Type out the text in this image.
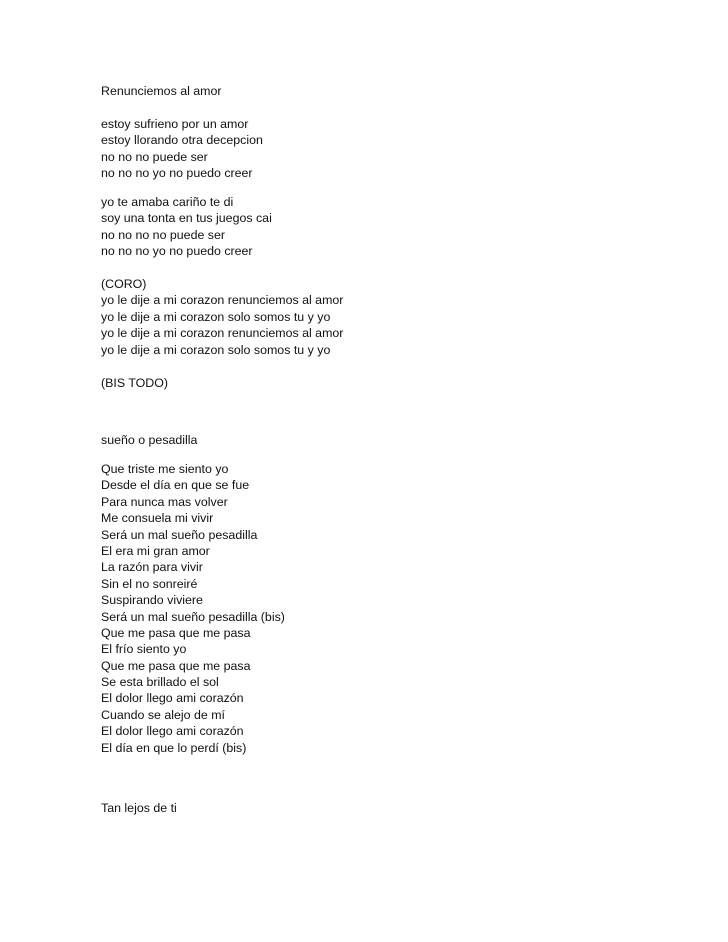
Renunciemos al amor
estoy sufrieno por un amor
estoy llorando otra decepcion
no no no puede ser
no no no yo no puedo creer
yo te amaba cariño te di
soy una tonta en tus juegos cai
no no no no puede ser
no no no yo no puedo creer
(CORO)
yo le dije a mi corazon renunciemos al amor
yo le dije a mi corazon solo somos tu y yo
yo le dije a mi corazon renunciemos al amor
yo le dije a mi corazon solo somos tu y yo
(BIS TODO)
sueño o pesadilla
Que triste me siento yo
Desde el día en que se fue
Para nunca mas volver
Me consuela mi vivir
Será un mal sueño pesadilla
El era mi gran amor
La razón para vivir
Sin el no sonreiré
Suspirando viviere
Será un mal sueño pesadilla (bis)
Que me pasa que me pasa
El frío siento yo
Que me pasa que me pasa
Se esta brillado el sol
El dolor llego ami corazón
Cuando se alejo de mí
El dolor llego ami corazón
El día en que lo perdí (bis)
Tan lejos de ti
